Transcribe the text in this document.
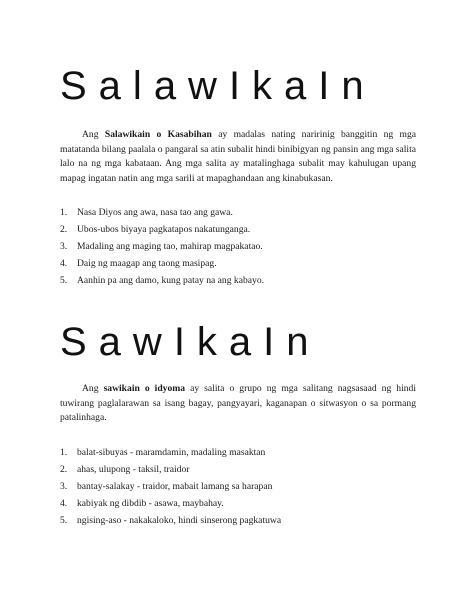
SalawIkaIn

Ang Salawikain o Kasabihan ay madalas nating naririnig banggitin ng mga matatanda bilang paalala o pangaral sa atin subalit hindi binibigyan ng pansin ang mga salita lalo na ng mga kabataan. Ang mga salita ay matalinghaga subalit may kahulugan upang mapag ingatan natin ang mga sarili at mapaghandaan ang kinabukasan.

1.	Nasa Diyos ang awa, nasa tao ang gawa.
2.	Ubos-ubos biyaya pagkatapos nakatunganga.
3.	Madaling ang maging tao, mahirap magpakatao.
4.	Daig ng maagap ang taong masipag.
5.	Aanhin pa ang damo, kung patay na ang kabayo.
SawIkaIn

Ang sawikain o idyoma ay salita o grupo ng mga salitang nagsasaad ng hindi tuwirang paglalarawan sa isang bagay, pangyayari, kaganapan o sitwasyon o sa pormang patalinhaga.

1.	balat-sibuyas - maramdamin, madaling masaktan
2.	ahas, ulupong - taksil, traidor
3.	bantay-salakay - traidor, mabait lamang sa harapan
4.	kabiyak ng dibdib - asawa, maybahay.
5.	ngising-aso - nakakaloko, hindi sinserong pagkatuwa
